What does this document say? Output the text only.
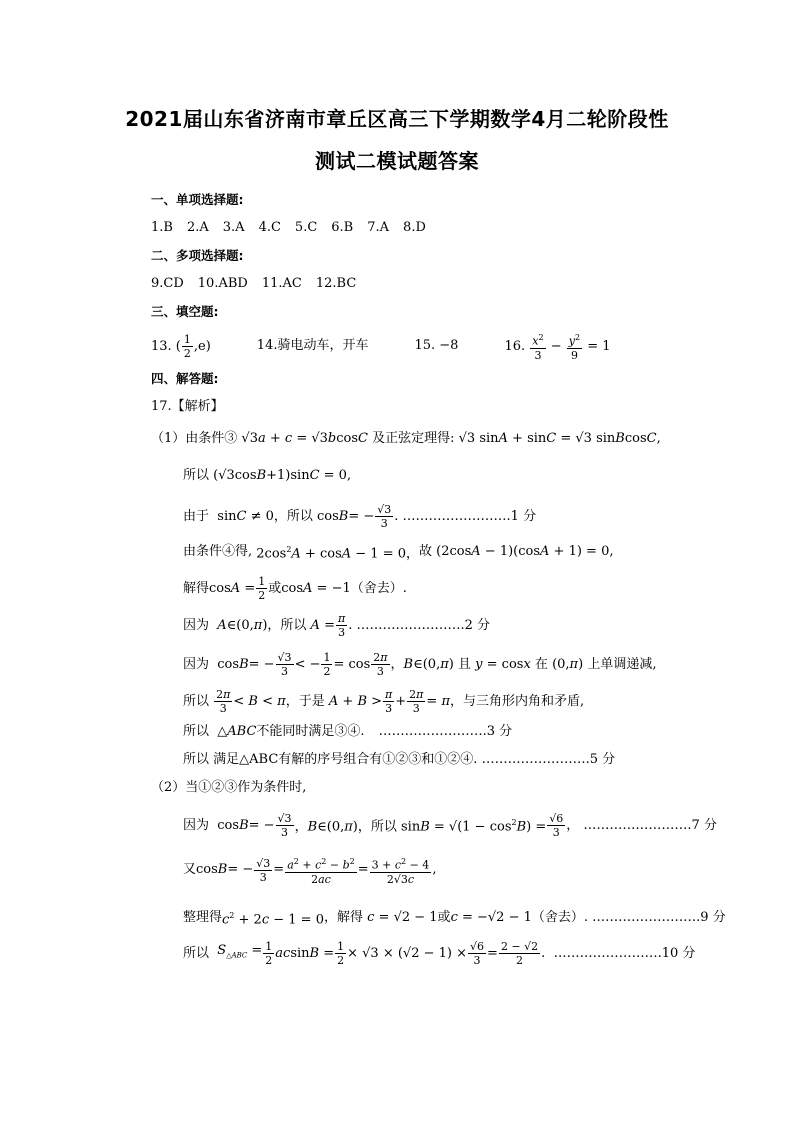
2021届山东省济南市章丘区高三下学期数学4月二轮阶段性
测试二模试题答案
一、单项选择题:
1.B 2.A 3.A 4.C 5.C 6.B 7.A 8.D
二、多项选择题:
9.CD 10.ABD 11.AC 12.BC
三、填空题:
13. ( $\frac{1}{2} ,e$)	14.骑电动车，开车	15. −8	16. $\frac{x^2}{3} - \frac{y^2}{9} = 1$
四、解答题:
17.【解析】
（1）由条件③ √3a + c = √3bcosC 及正弦定理得: √3 sinA + sinC = √3 sinBcosC,
所以 (√3cosB+1)sinC = 0,
由于 sinC ≠ 0，所以 $\cos B= - \frac{√3}{3}$ . …………………….1 分
由条件④得, $2\cos^2A + \cos A - 1 = 0$， 故 (2cosA − 1)(cosA + 1) = 0,
解得 $\cos A = \frac{1}{2}$ 或 cosA = −1 （舍去）.
因为 A∈(0,π)，所以 $A = \frac{\pi}{3}$ . …………………….2 分
因为 $\cos B= - \frac{√3}{3}$ < − $\frac{1}{2} = \cos \frac{2\pi}{3}$ ，B∈(0,π) 且 y = cosx 在 (0,π) 上单调递减,
所以
$\frac{2\pi}{3} < B < \pi$， 于是 $A + B > \frac{\pi}{3} + \frac{2\pi}{3} = \pi$ ，与三角形内角和矛盾,
所以 △ABC 不能同时满足③④. …………………….3 分
所以
满足△ABC有解的序号组合有①②③和①②④.
…………………….5 分
（2）当①②③作为条件时,
因为 $\cos B= - \frac{√3}{3}$ ，B∈(0,π)，所以 $\sin B = √(1 - \cos^2B) = \frac{√6}{3}$ ， …………………….7 分
又 $\cos B= - \frac{√3}{3} = \frac{a^2 + c^2 - b^2}{2ac} = \frac{3 + c^2 - 4}{2√3c}$ ,
整理得 $c^2 + 2c - 1 = 0$ ，解得 c = √2 − 1 或 c = −√2 − 1 （舍去）.
…………………….9 分
所以 $S_{\triangle ABC} = \frac{1}{2}$ $acsinB = \frac{1}{2} \times √3 \times (√2 - 1) \times \frac{√6}{3} = \frac{2 - √2}{2}$ . …………………….10 分
